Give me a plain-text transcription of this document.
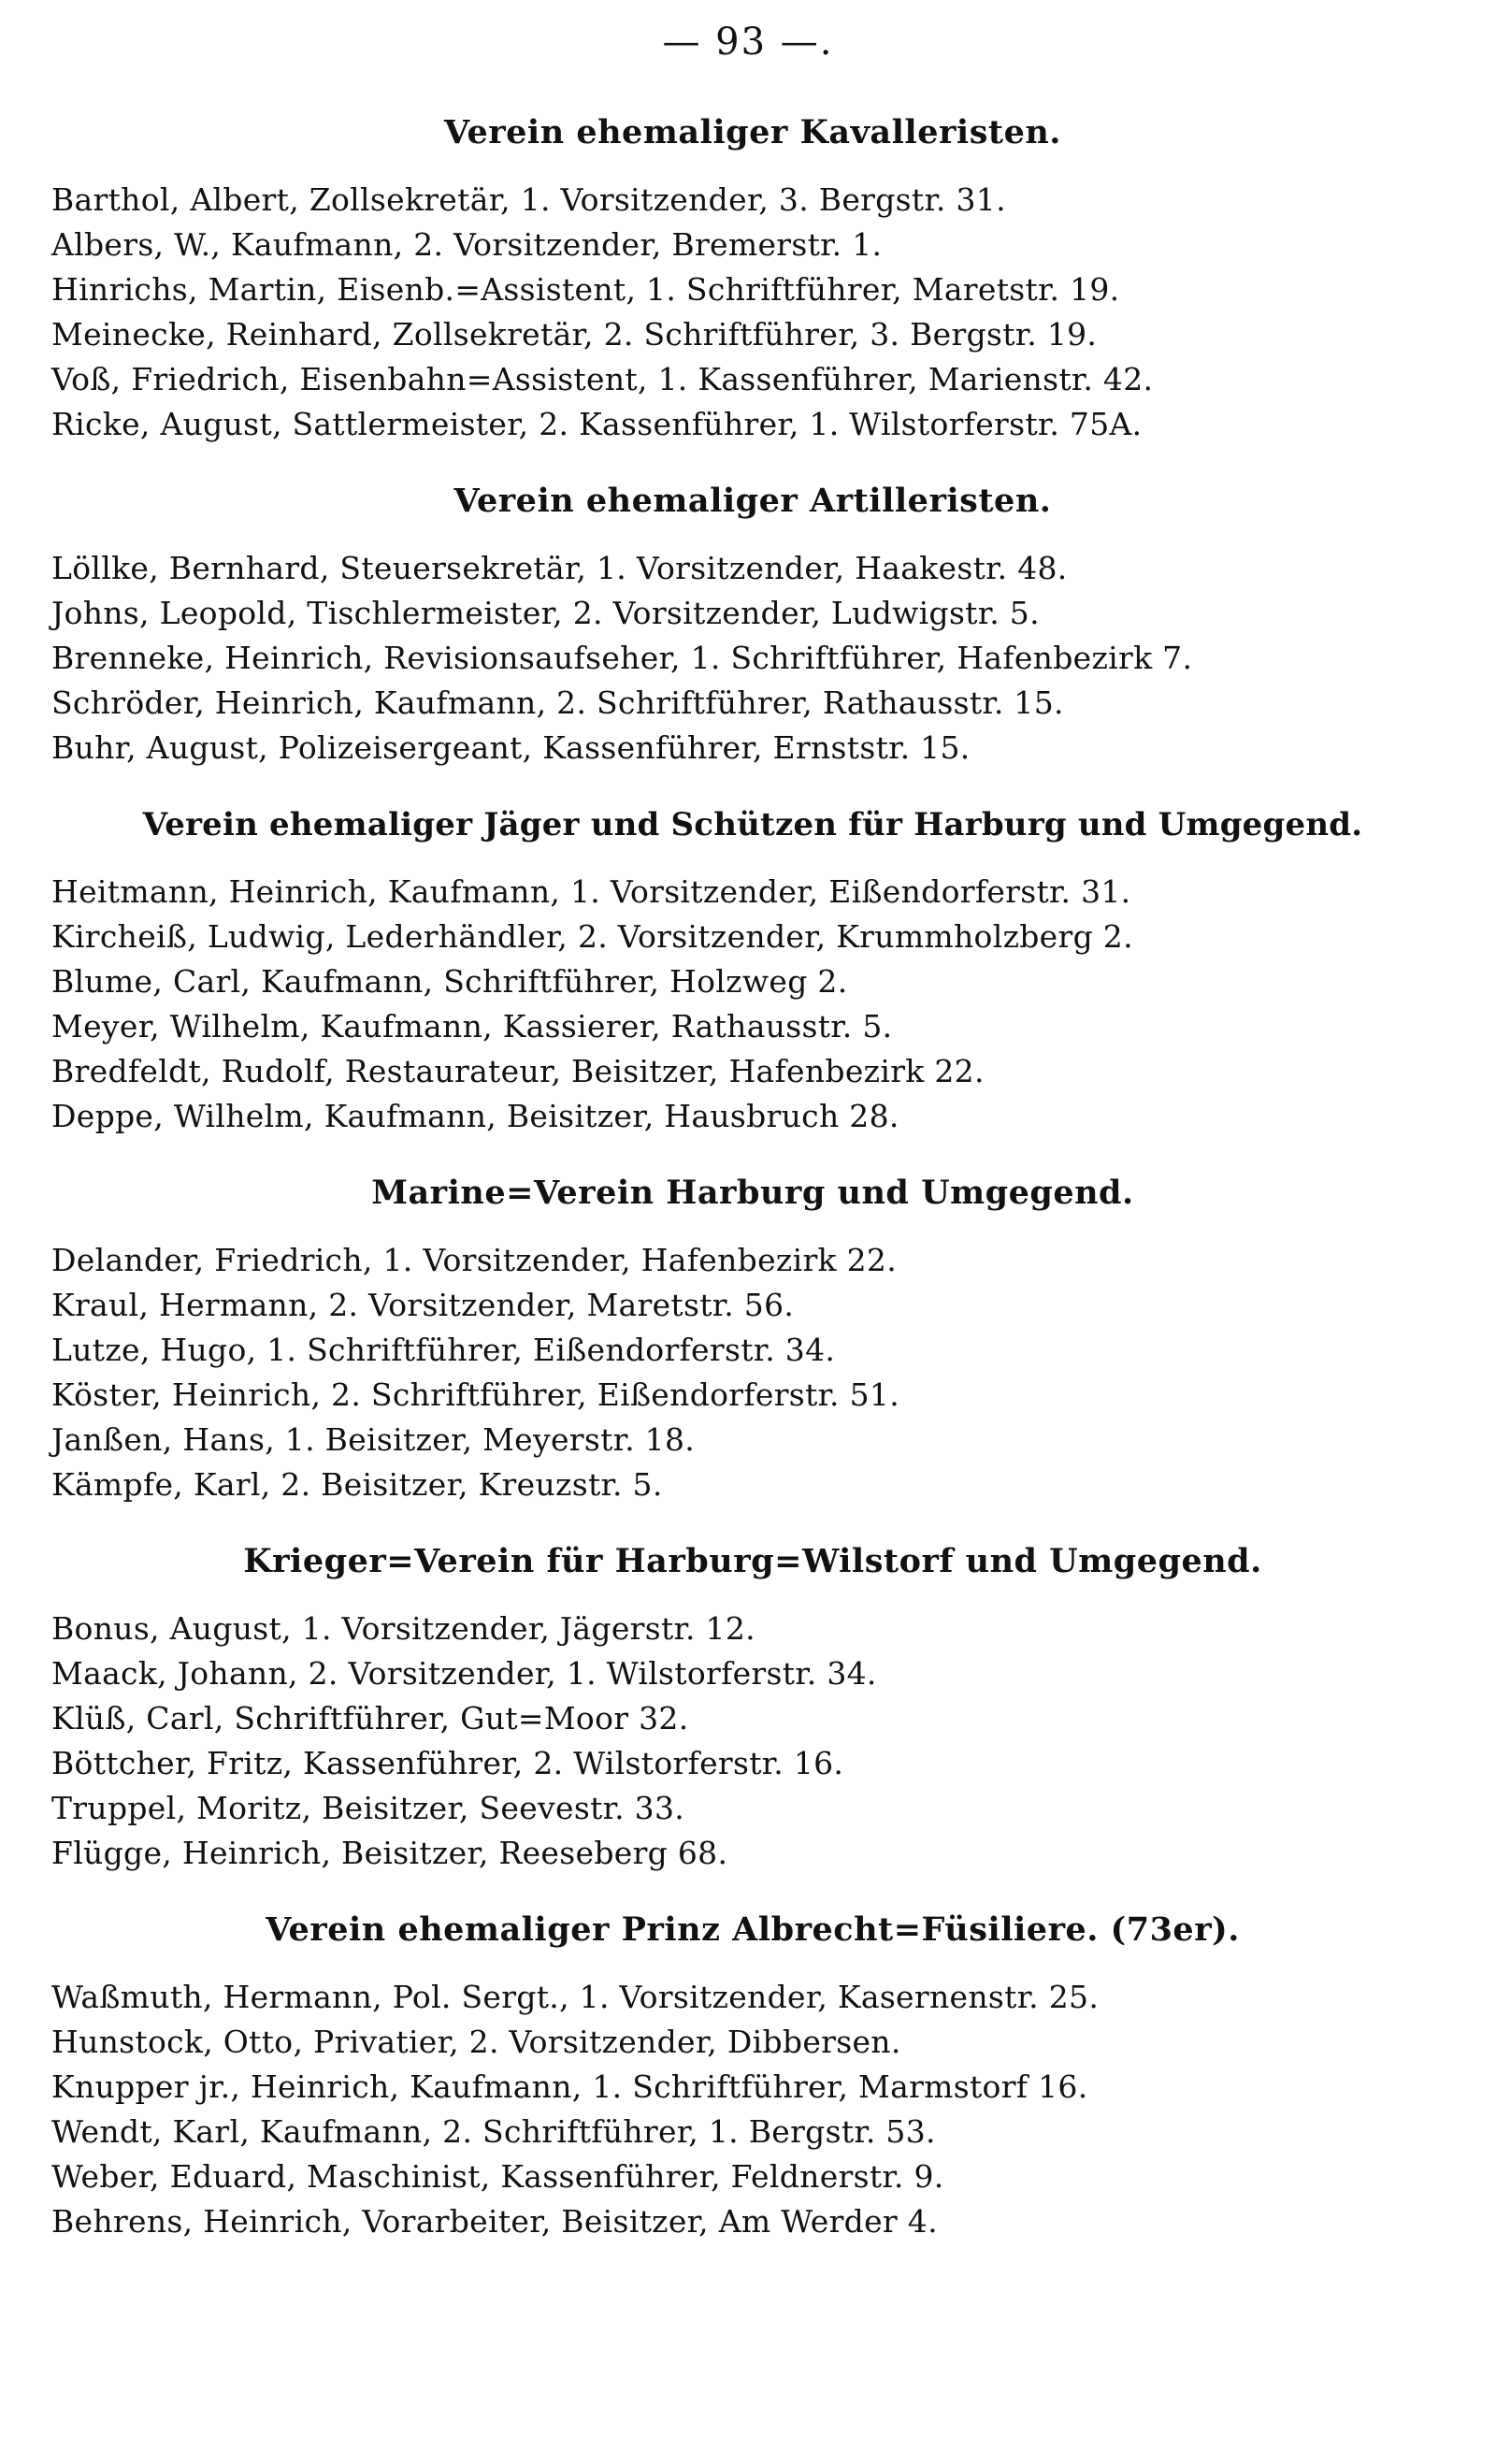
— 93 —.
Verein ehemaliger Kavalleristen.
Barthol, Albert, Zollsekretär, 1. Vorsitzender, 3. Bergstr. 31.
Albers, W., Kaufmann, 2. Vorsitzender, Bremerstr. 1.
Hinrichs, Martin, Eisenb.=Assistent, 1. Schriftführer, Maretstr. 19.
Meinecke, Reinhard, Zollsekretär, 2. Schriftführer, 3. Bergstr. 19.
Voß, Friedrich, Eisenbahn=Assistent, 1. Kassenführer, Marienstr. 42.
Ricke, August, Sattlermeister, 2. Kassenführer, 1. Wilstorferstr. 75A.
Verein ehemaliger Artilleristen.
Löllke, Bernhard, Steuersekretär, 1. Vorsitzender, Haakestr. 48.
Johns, Leopold, Tischlermeister, 2. Vorsitzender, Ludwigstr. 5.
Brenneke, Heinrich, Revisionsaufseher, 1. Schriftführer, Hafenbezirk 7.
Schröder, Heinrich, Kaufmann, 2. Schriftführer, Rathausstr. 15.
Buhr, August, Polizeisergeant, Kassenführer, Ernststr. 15.
Verein ehemaliger Jäger und Schützen für Harburg und Umgegend.
Heitmann, Heinrich, Kaufmann, 1. Vorsitzender, Eißendorferstr. 31.
Kircheiß, Ludwig, Lederhändler, 2. Vorsitzender, Krummholzberg 2.
Blume, Carl, Kaufmann, Schriftführer, Holzweg 2.
Meyer, Wilhelm, Kaufmann, Kassierer, Rathausstr. 5.
Bredfeldt, Rudolf, Restaurateur, Beisitzer, Hafenbezirk 22.
Deppe, Wilhelm, Kaufmann, Beisitzer, Hausbruch 28.
Marine=Verein Harburg und Umgegend.
Delander, Friedrich, 1. Vorsitzender, Hafenbezirk 22.
Kraul, Hermann, 2. Vorsitzender, Maretstr. 56.
Lutze, Hugo, 1. Schriftführer, Eißendorferstr. 34.
Köster, Heinrich, 2. Schriftführer, Eißendorferstr. 51.
Janßen, Hans, 1. Beisitzer, Meyerstr. 18.
Kämpfe, Karl, 2. Beisitzer, Kreuzstr. 5.
Krieger=Verein für Harburg=Wilstorf und Umgegend.
Bonus, August, 1. Vorsitzender, Jägerstr. 12.
Maack, Johann, 2. Vorsitzender, 1. Wilstorferstr. 34.
Klüß, Carl, Schriftführer, Gut=Moor 32.
Böttcher, Fritz, Kassenführer, 2. Wilstorferstr. 16.
Truppel, Moritz, Beisitzer, Seevestr. 33.
Flügge, Heinrich, Beisitzer, Reeseberg 68.
Verein ehemaliger Prinz Albrecht=Füsiliere. (73er).
Waßmuth, Hermann, Pol. Sergt., 1. Vorsitzender, Kasernenstr. 25.
Hunstock, Otto, Privatier, 2. Vorsitzender, Dibbersen.
Knupper jr., Heinrich, Kaufmann, 1. Schriftführer, Marmstorf 16.
Wendt, Karl, Kaufmann, 2. Schriftführer, 1. Bergstr. 53.
Weber, Eduard, Maschinist, Kassenführer, Feldnerstr. 9.
Behrens, Heinrich, Vorarbeiter, Beisitzer, Am Werder 4.
